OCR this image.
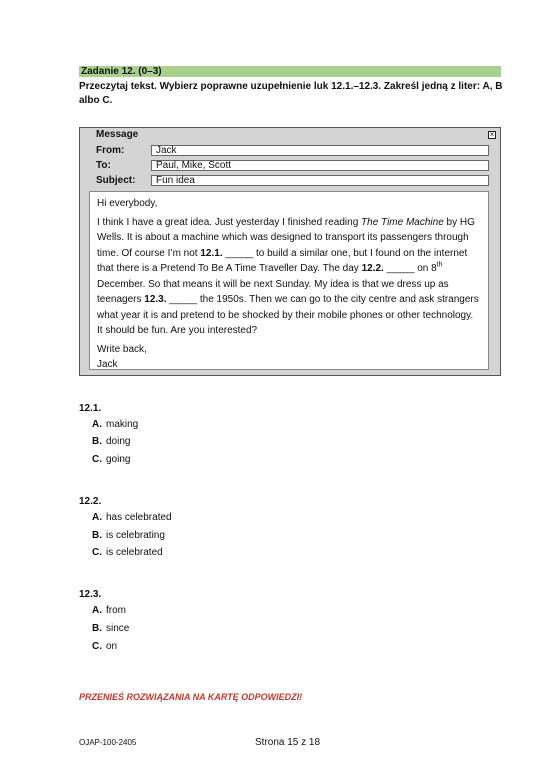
Zadanie 12. (0–3)
Przeczytaj tekst. Wybierz poprawne uzupełnienie luk 12.1.–12.3. Zakreśl jedną z liter: A, B albo C.
Message	×
From:	Jack
To:	Paul, Mike, Scott
Subject:	Fun idea

Hi everybody,

I think I have a great idea. Just yesterday I finished reading The Time Machine by HG Wells. It is about a machine which was designed to transport its passengers through time. Of course I’m not 12.1. _____ to build a similar one, but I found on the internet that there is a Pretend To Be A Time Traveller Day. The day 12.2. _____ on 8th December. So that means it will be next Sunday. My idea is that we dress up as teenagers 12.3. _____ the 1950s. Then we can go to the city centre and ask strangers what year it is and pretend to be shocked by their mobile phones or other technology. It should be fun. Are you interested?

Write back,

Jack

12.1.
A. making
B. doing
C. going
12.2.
A. has celebrated
B. is celebrating
C. is celebrated
12.3.
A. from
B. since
C. on
PRZENIEŚ ROZWIĄZANIA NA KARTĘ ODPOWIEDZI!
OJAP-100-2405	Strona 15 z 18
